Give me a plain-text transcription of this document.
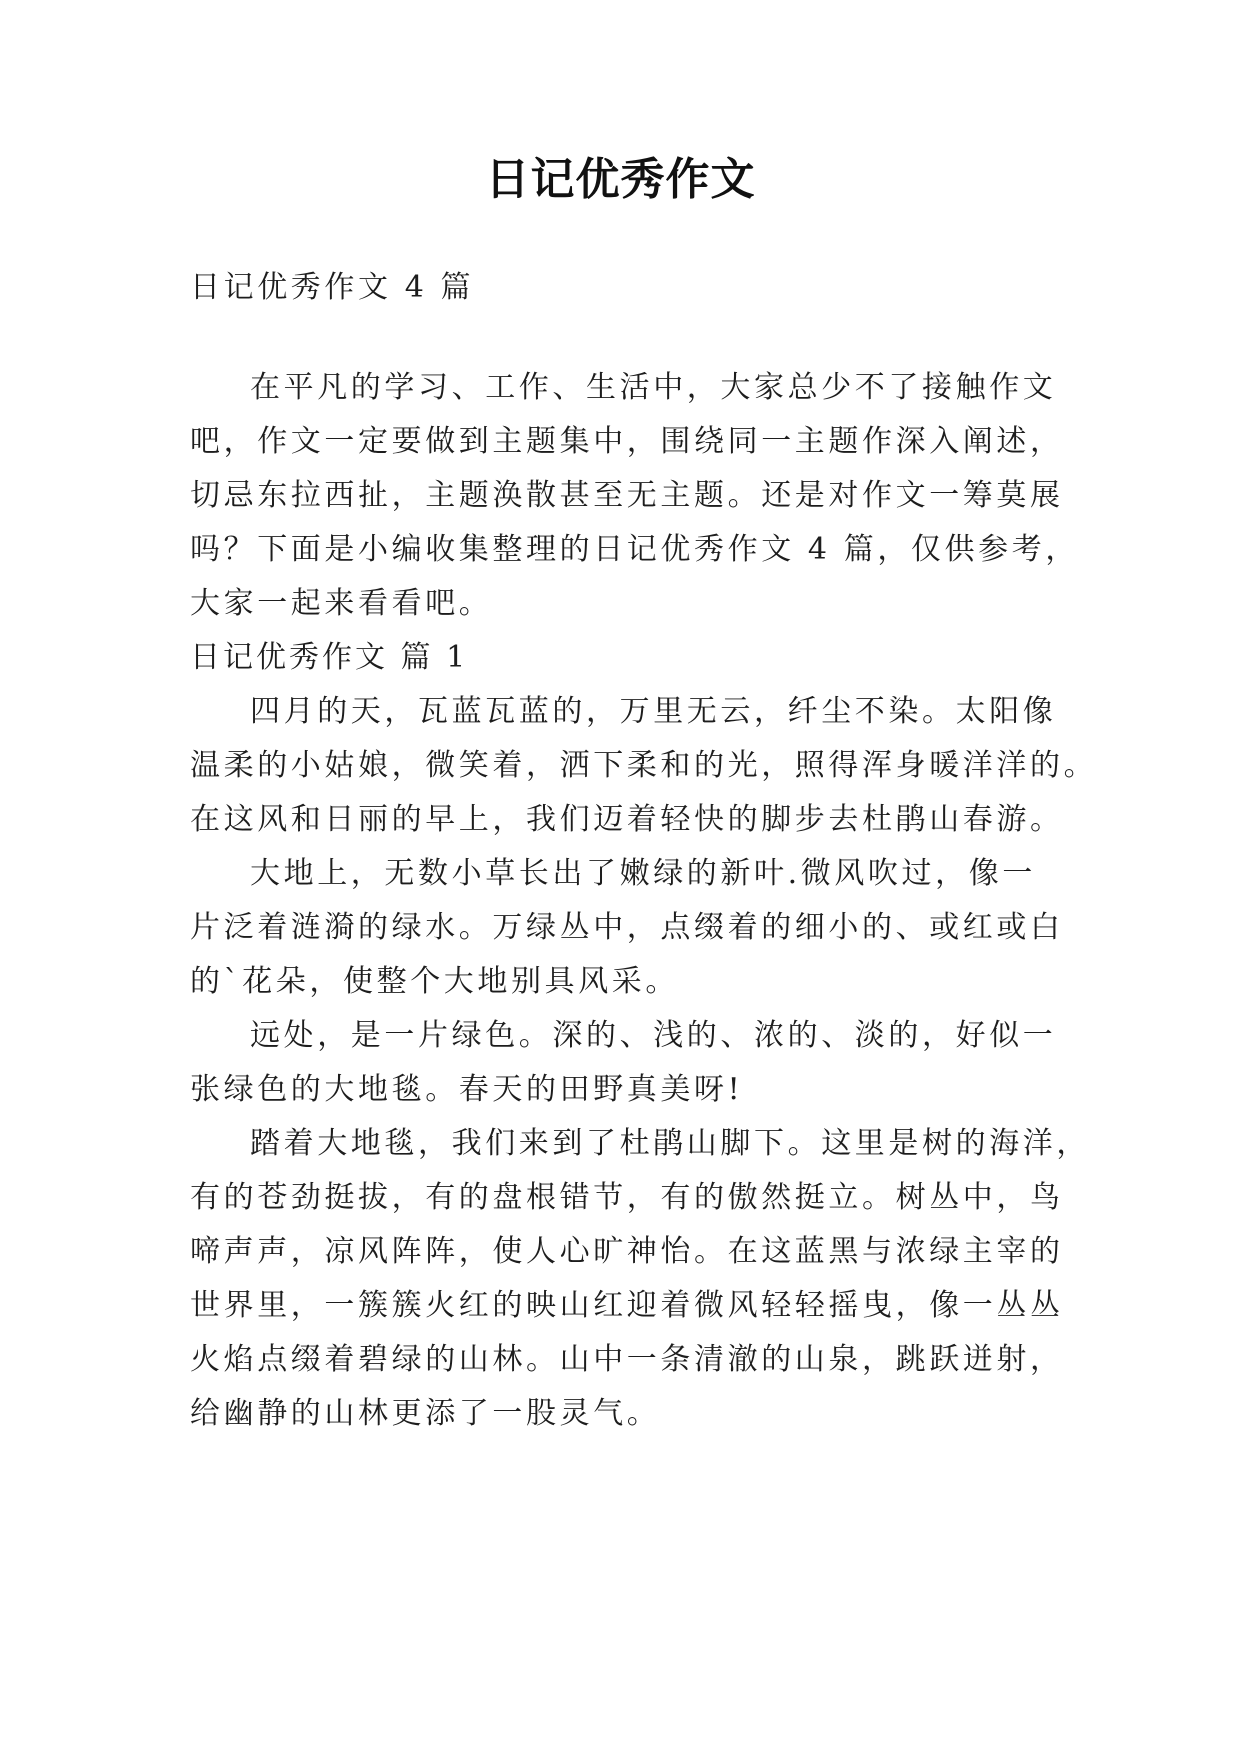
日记优秀作文
日记优秀作文 4 篇
在平凡的学习、工作、生活中，大家总少不了接触作文
吧，作文一定要做到主题集中，围绕同一主题作深入阐述，
切忌东拉西扯，主题涣散甚至无主题。还是对作文一筹莫展
吗？下面是小编收集整理的日记优秀作文 4 篇，仅供参考，
大家一起来看看吧。
日记优秀作文 篇 1
四月的天，瓦蓝瓦蓝的，万里无云，纤尘不染。太阳像
温柔的小姑娘，微笑着，洒下柔和的光，照得浑身暖洋洋的。
在这风和日丽的早上，我们迈着轻快的脚步去杜鹃山春游。
大地上，无数小草长出了嫩绿的新叶.微风吹过，像一
片泛着涟漪的绿水。万绿丛中，点缀着的细小的、或红或白
的`花朵，使整个大地别具风采。
远处，是一片绿色。深的、浅的、浓的、淡的，好似一
张绿色的大地毯。春天的田野真美呀!
踏着大地毯，我们来到了杜鹃山脚下。这里是树的海洋，
有的苍劲挺拔，有的盘根错节，有的傲然挺立。树丛中，鸟
啼声声，凉风阵阵，使人心旷神怡。在这蓝黑与浓绿主宰的
世界里，一簇簇火红的映山红迎着微风轻轻摇曳，像一丛丛
火焰点缀着碧绿的山林。山中一条清澈的山泉，跳跃迸射，
给幽静的山林更添了一股灵气。
